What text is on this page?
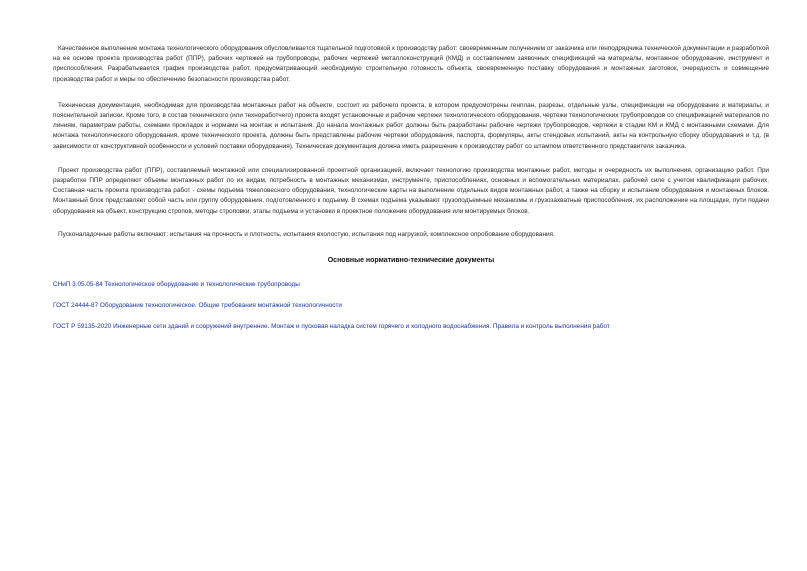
Качественное выполнение монтажа технологического оборудования обусловливается тщательной подготовкой к производству работ: своевременным получением от заказчика или генподрядчика технической документации и разработкой на ее основе проекта производства работ (ППР), рабочих чертежей на трубопроводы, рабочих чертежей металлоконструкций (КМД) и составлением заявочных спецификаций на материалы, монтажное оборудование, инструмент и приспособления. Разрабатывается график производства работ, предусматривающий необходимую строительную готовность объекта, своевременную поставку оборудования и монтажных заготовок, очередность и совмещение производства работ и меры по обеспечению безопасности производства работ.

Техническая документация, необходимая для производства монтажных работ на объекте, состоит из рабочего проекта, в котором предусмотрены генплан, разрезы, отдельные узлы, спецификации на оборудование и материалы, и пояснительной записки. Кроме того, в состав технического (или техноработчего) проекта входят установочные и рабочие чертежи технологического оборудования, чертежи технологических трубопроводов со спецификацией материалов по линиям, параметрам работы, схемами прокладок и нормами на монтаж и испытания. До начала монтажных работ должны быть разработаны рабочие чертежи трубопроводов, чертежи в стадии КМ и КМД с монтажными схемами. Для монтажа технологического оборудования, кроме технического проекта, должны быть представлены рабочие чертежи оборудования, паспорта, формуляры, акты стендовых испытаний, акты на контрольную сборку оборудования и т.д. (в зависимости от конструктивной особенности и условий поставки оборудования). Техническая документация должна иметь разрешение к производству работ со штампом ответственного представителя заказчика.

Проект производства работ (ППР), составляемый монтажной или специализированной проектной организацией, включает технологию производства монтажных работ, методы и очередность их выполнения, организацию работ. При разработке ППР определяют объемы монтажных работ по их видам, потребность в монтажных механизмах, инструменте, приспособлениях, основных и вспомогательных материалах, рабочей силе с учетом квалификации рабочих. Составная часть проекта производства работ - схемы подъема тяжеловесного оборудования, технологические карты на выполнение отдельных видов монтажных работ, а также на сборку и испытание оборудования и монтажных блоков. Монтажный блок представляет собой часть или группу оборудования, подготовленного к подъему. В схемах подъема указывают грузоподъемные механизмы и грузозахватные приспособления, их расположение на площадке, пути подачи оборудования на объект, конструкцию стропов, методы строповки, этапы подъема и установки в проектное положение оборудования или монтируемых блоков.

Пусконаладочные работы включают: испытания на прочность и плотность, испытания вхолостую, испытания под нагрузкой, комплексное опробование оборудования.

Основные нормативно-технические документы
СНиП 3.05.05-84 Технологическое оборудование и технологические трубопроводы
ГОСТ 24444-87 Оборудование технологическое. Общие требования монтажной технологичности
ГОСТ Р 59135-2020 Инженерные сети зданий и сооружений внутренние. Монтаж и пусковая наладка систем горячего и холодного водоснабжения. Правила и контроль выполнения работ
